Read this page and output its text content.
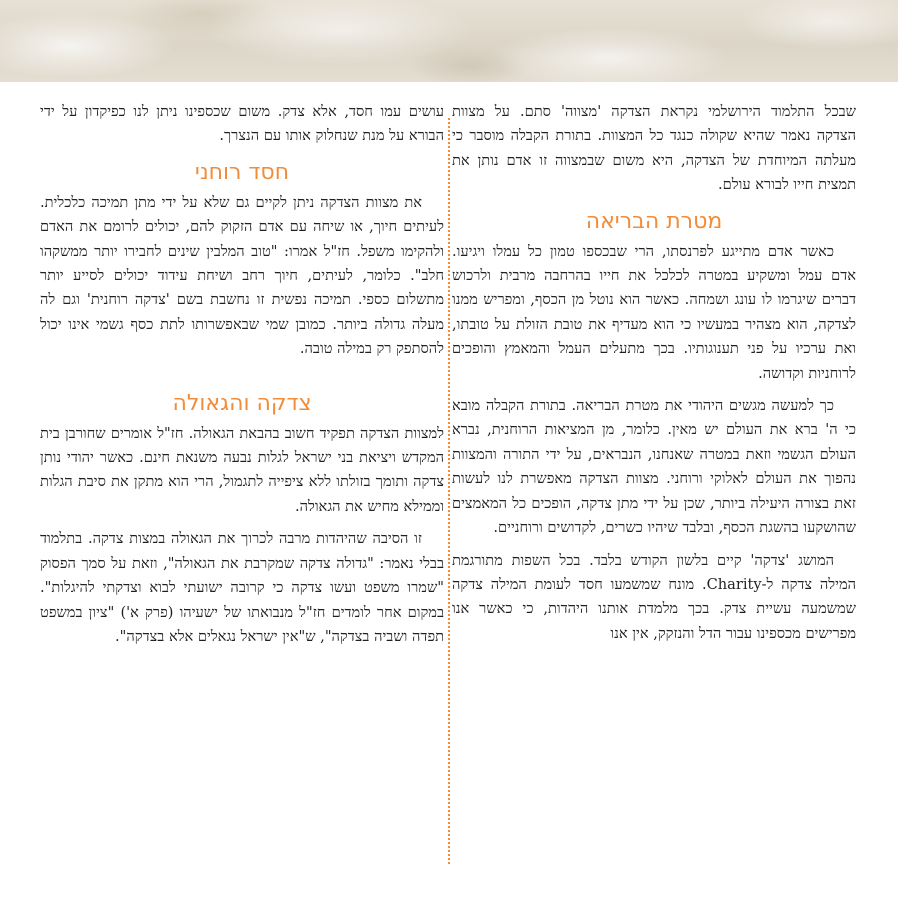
שבכל התלמוד הירושלמי נקראת הצדקה 'מצווה' סתם. על מצוות הצדקה נאמר שהיא שקולה כנגד כל המצוות. בתורת הקבלה מוסבר כי מעלתה המיוחדת של הצדקה, היא משום שבמצווה זו אדם נותן את תמצית חייו לבורא עולם.

מטרת הבריאה

כאשר אדם מתייגע לפרנסתו, הרי שבכספו טמון כל עמלו ויגיעו. אדם עמל ומשקיע במטרה לכלכל את חייו בהרחבה מרבית ולרכוש דברים שיגרמו לו עונג ושמחה. כאשר הוא נוטל מן הכסף, ומפריש ממנו לצדקה, הוא מצהיר במעשיו כי הוא מעדיף את טובת הזולת על טובתו, ואת ערכיו על פני תענוגותיו. בכך מתעלים העמל והמאמץ והופכים לרוחניות וקדושה.

כך למעשה מגשים היהודי את מטרת הבריאה. בתורת הקבלה מובא כי ה' ברא את העולם יש מאין. כלומר, מן המציאות הרוחנית, נברא העולם הגשמי וזאת במטרה שאנחנו, הנבראים, על ידי התורה והמצוות נהפוך את העולם לאלוקי ורוחני. מצוות הצדקה מאפשרת לנו לעשות זאת בצורה היעילה ביותר, שכן על ידי מתן צדקה, הופכים כל המאמצים שהושקעו בהשגת הכסף, ובלבד שיהיו כשרים, לקדושים ורוחניים.

המושג 'צדקה' קיים בלשון הקודש בלבד. בכל השפות מתורגמת המילה צדקה ל-Charity. מונח שמשמעו חסד לעומת המילה צדקה שמשמעה עשיית צדק. בכך מלמדת אותנו היהדות, כי כאשר אנו מפרישים מכספינו עבור הדל והנזקק, אין אנו

עושים עמו חסד, אלא צדק. משום שכספינו ניתן לנו כפיקדון על ידי הבורא על מנת שנחלוק אותו עם הנצרך.

חסד רוחני

את מצוות הצדקה ניתן לקיים גם שלא על ידי מתן תמיכה כלכלית. לעיתים חיוך, או שיחה עם אדם הזקוק להם, יכולים לרומם את האדם ולהקימו משפל. חז"ל אמרו: "טוב המלבין שינים לחבירו יותר ממשקהו חלב". כלומר, לעיתים, חיוך רחב ושיחת עידוד יכולים לסייע יותר מתשלום כספי. תמיכה נפשית זו נחשבת בשם 'צדקה רוחנית' וגם לה מעלה גדולה ביותר. כמובן שמי שבאפשרותו לתת כסף גשמי אינו יכול להסתפק רק במילה טובה.

צדקה והגאולה

למצוות הצדקה תפקיד חשוב בהבאת הגאולה. חז"ל אומרים שחורבן בית המקדש ויציאת בני ישראל לגלות נבעה משנאת חינם. כאשר יהודי נותן צדקה ותומך בזולתו ללא ציפייה לתגמול, הרי הוא מתקן את סיבת הגלות וממילא מחיש את הגאולה.

זו הסיבה שהיהדות מרבה לכרוך את הגאולה במצות צדקה. בתלמוד בבלי נאמר: "גדולה צדקה שמקרבת את הגאולה", וזאת על סמך הפסוק "שמרו משפט ועשו צדקה כי קרובה ישועתי לבוא וצדקתי להיגלות". במקום אחר לומדים חז"ל מנבואתו של ישעיהו (פרק א') "ציון במשפט תפדה ושביה בצדקה", ש"אין ישראל נגאלים אלא בצדקה".
